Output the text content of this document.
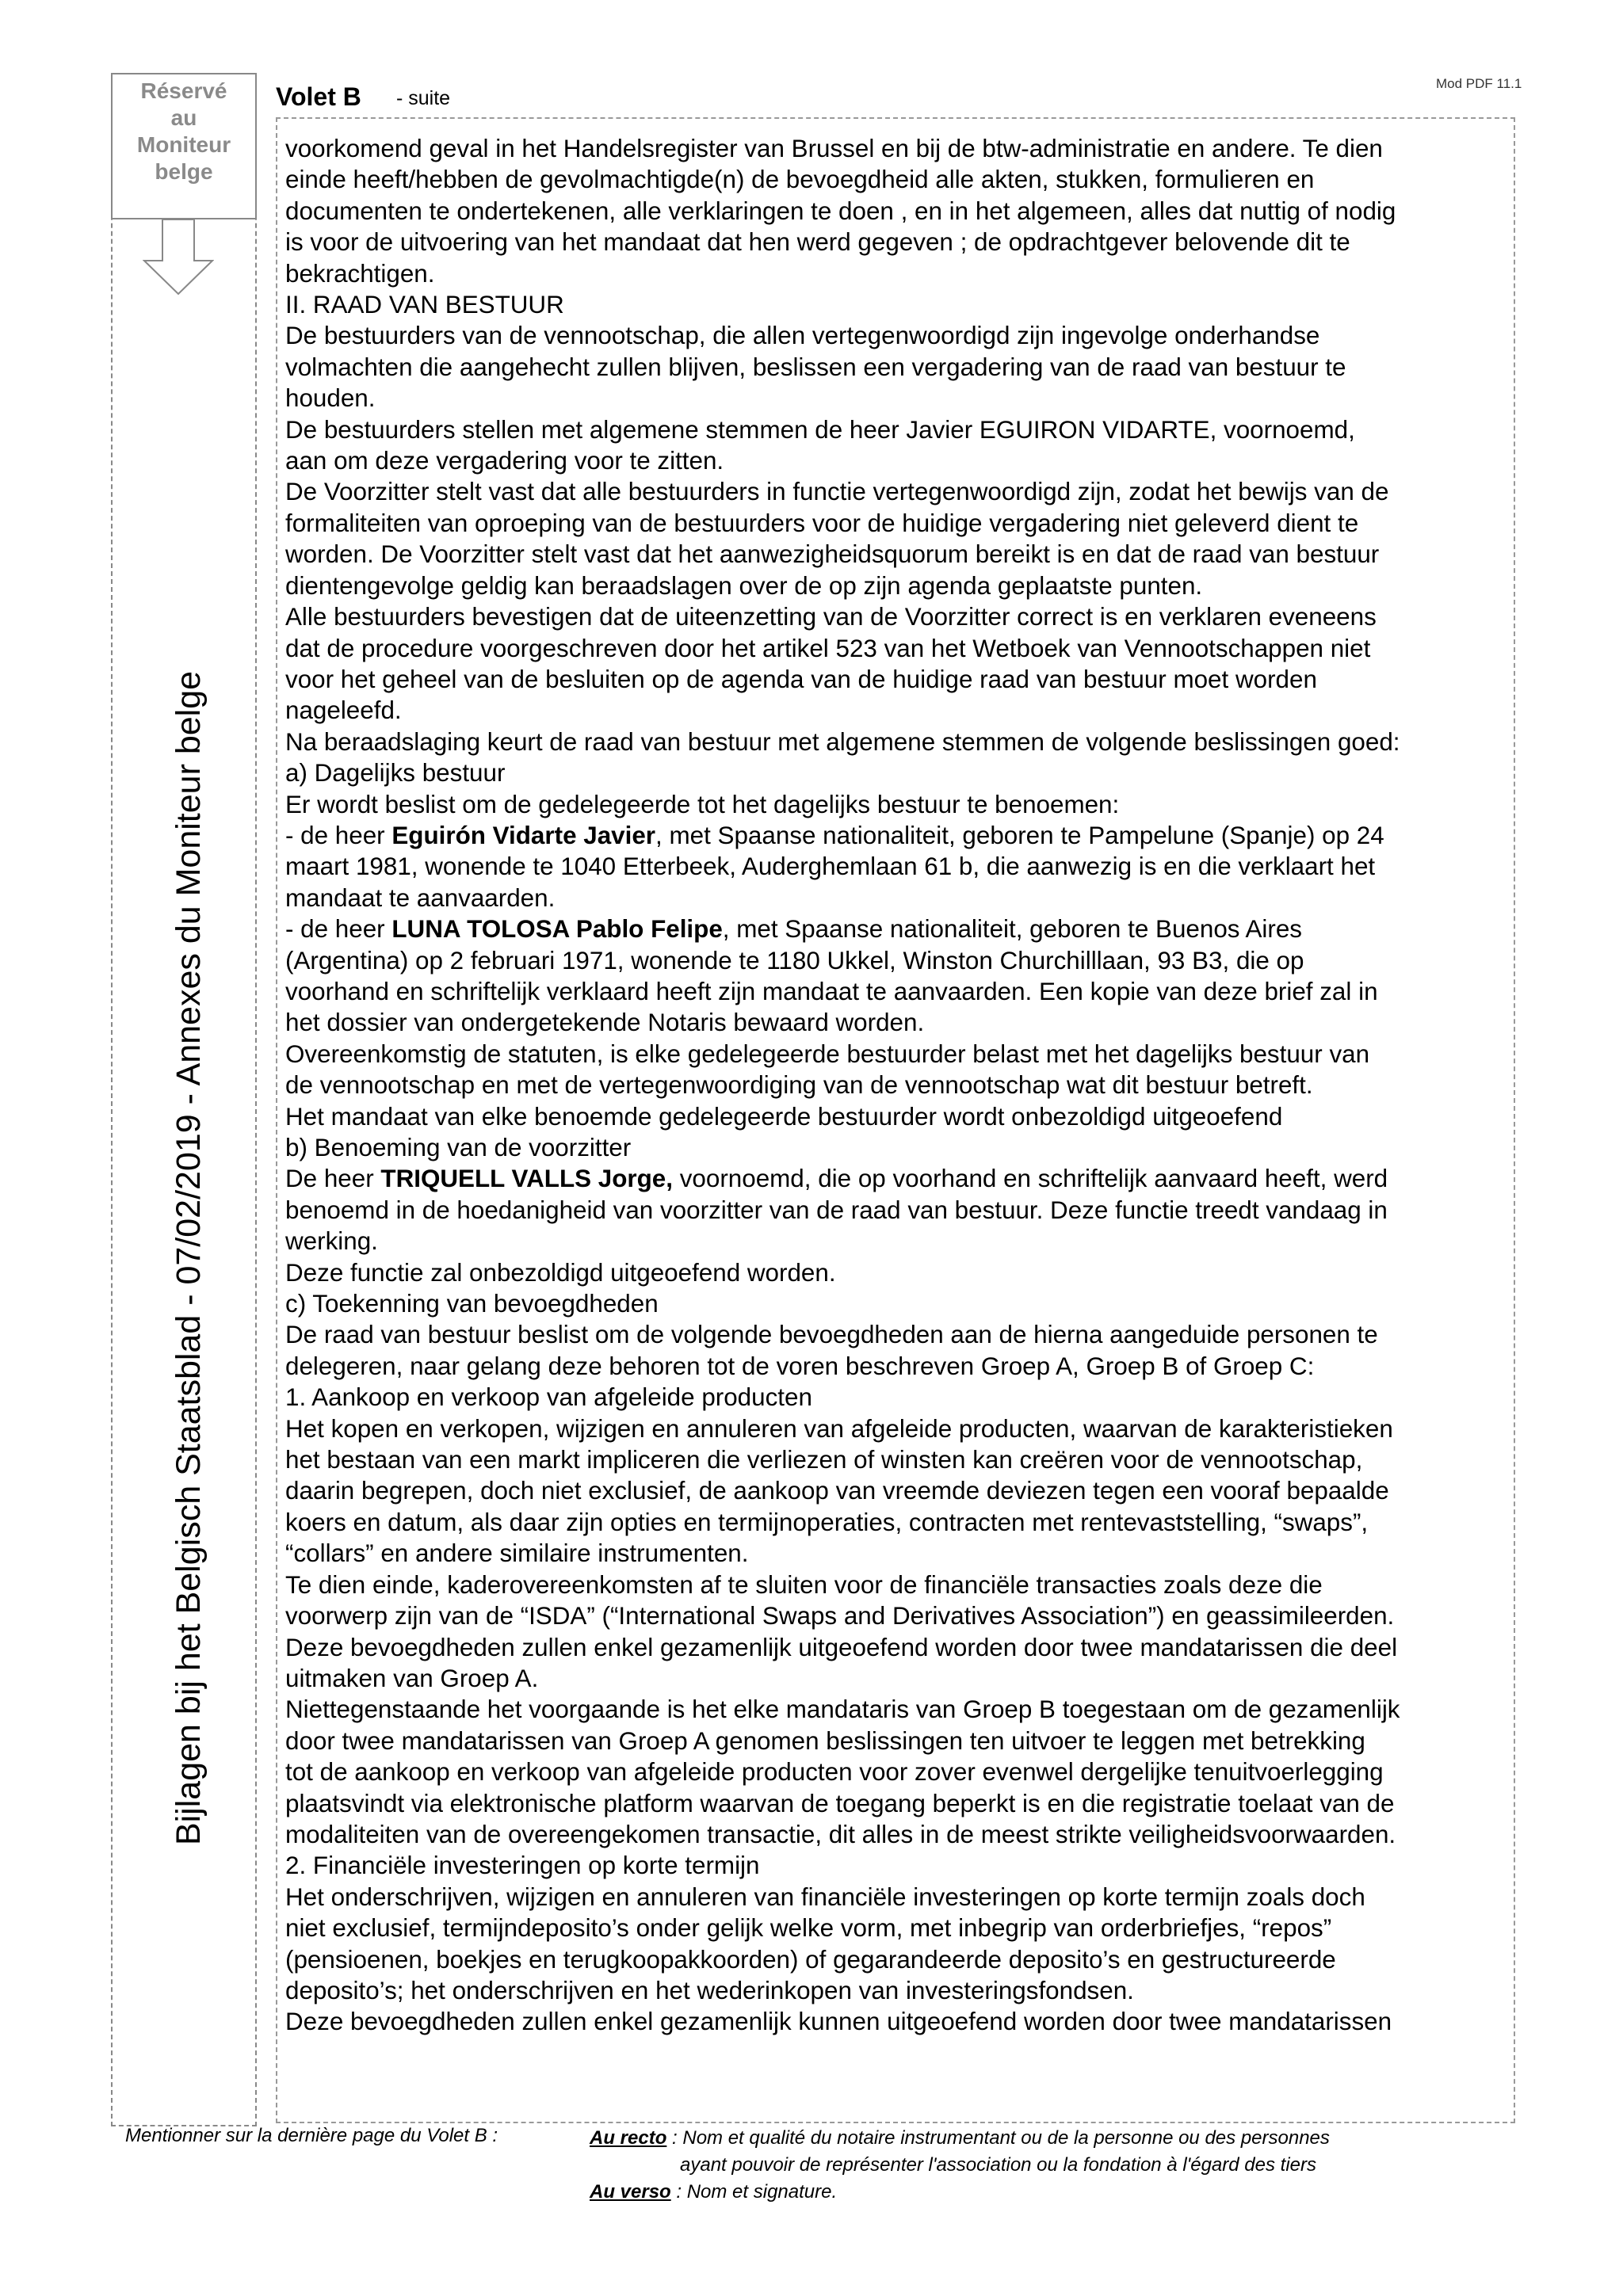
Réservé
au
Moniteur
belge
Bijlagen bij het Belgisch Staatsblad - 07/02/2019 - Annexes du Moniteur belge
Volet B - suite
Mod PDF 11.1

voorkomend geval in het Handelsregister van Brussel en bij de btw-administratie en andere. Te dien

einde heeft/hebben de gevolmachtigde(n) de bevoegdheid alle akten, stukken, formulieren en

documenten te ondertekenen, alle verklaringen te doen , en in het algemeen, alles dat nuttig of nodig

is voor de uitvoering van het mandaat dat hen werd gegeven ; de opdrachtgever belovende dit te

bekrachtigen.

II. RAAD VAN BESTUUR

De bestuurders van de vennootschap, die allen vertegenwoordigd zijn ingevolge onderhandse

volmachten die aangehecht zullen blijven, beslissen een vergadering van de raad van bestuur te

houden.

De bestuurders stellen met algemene stemmen de heer Javier EGUIRON VIDARTE, voornoemd,

aan om deze vergadering voor te zitten.

De Voorzitter stelt vast dat alle bestuurders in functie vertegenwoordigd zijn, zodat het bewijs van de

formaliteiten van oproeping van de bestuurders voor de huidige vergadering niet geleverd dient te

worden. De Voorzitter stelt vast dat het aanwezigheidsquorum bereikt is en dat de raad van bestuur

dientengevolge geldig kan beraadslagen over de op zijn agenda geplaatste punten.

Alle bestuurders bevestigen dat de uiteenzetting van de Voorzitter correct is en verklaren eveneens

dat de procedure voorgeschreven door het artikel 523 van het Wetboek van Vennootschappen niet

voor het geheel van de besluiten op de agenda van de huidige raad van bestuur moet worden

nageleefd.

Na beraadslaging keurt de raad van bestuur met algemene stemmen de volgende beslissingen goed:

a) Dagelijks bestuur

Er wordt beslist om de gedelegeerde tot het dagelijks bestuur te benoemen:

- de heer Eguirón Vidarte Javier, met Spaanse nationaliteit, geboren te Pampelune (Spanje) op 24

maart 1981, wonende te 1040 Etterbeek, Auderghemlaan 61 b, die aanwezig is en die verklaart het

mandaat te aanvaarden.

- de heer LUNA TOLOSA Pablo Felipe, met Spaanse nationaliteit, geboren te Buenos Aires

(Argentina) op 2 februari 1971, wonende te 1180 Ukkel, Winston Churchilllaan, 93 B3, die op

voorhand en schriftelijk verklaard heeft zijn mandaat te aanvaarden. Een kopie van deze brief zal in

het dossier van ondergetekende Notaris bewaard worden.

Overeenkomstig de statuten, is elke gedelegeerde bestuurder belast met het dagelijks bestuur van

de vennootschap en met de vertegenwoordiging van de vennootschap wat dit bestuur betreft.

Het mandaat van elke benoemde gedelegeerde bestuurder wordt onbezoldigd uitgeoefend

b) Benoeming van de voorzitter

De heer TRIQUELL VALLS Jorge, voornoemd, die op voorhand en schriftelijk aanvaard heeft, werd

benoemd in de hoedanigheid van voorzitter van de raad van bestuur. Deze functie treedt vandaag in

werking.

Deze functie zal onbezoldigd uitgeoefend worden.

c) Toekenning van bevoegdheden

De raad van bestuur beslist om de volgende bevoegdheden aan de hierna aangeduide personen te

delegeren, naar gelang deze behoren tot de voren beschreven Groep A, Groep B of Groep C:

1. Aankoop en verkoop van afgeleide producten

Het kopen en verkopen, wijzigen en annuleren van afgeleide producten, waarvan de karakteristieken

het bestaan van een markt impliceren die verliezen of winsten kan creëren voor de vennootschap,

daarin begrepen, doch niet exclusief, de aankoop van vreemde deviezen tegen een vooraf bepaalde

koers en datum, als daar zijn opties en termijnoperaties, contracten met rentevaststelling, “swaps”,

“collars” en andere similaire instrumenten.

Te dien einde, kaderovereenkomsten af te sluiten voor de financiële transacties zoals deze die

voorwerp zijn van de “ISDA” (“International Swaps and Derivatives Association”) en geassimileerden.

Deze bevoegdheden zullen enkel gezamenlijk uitgeoefend worden door twee mandatarissen die deel

uitmaken van Groep A.

Niettegenstaande het voorgaande is het elke mandataris van Groep B toegestaan om de gezamenlijk

door twee mandatarissen van Groep A genomen beslissingen ten uitvoer te leggen met betrekking

tot de aankoop en verkoop van afgeleide producten voor zover evenwel dergelijke tenuitvoerlegging

plaatsvindt via elektronische platform waarvan de toegang beperkt is en die registratie toelaat van de

modaliteiten van de overeengekomen transactie, dit alles in de meest strikte veiligheidsvoorwaarden.

2. Financiële investeringen op korte termijn

Het onderschrijven, wijzigen en annuleren van financiële investeringen op korte termijn zoals doch

niet exclusief, termijndeposito’s onder gelijk welke vorm, met inbegrip van orderbriefjes, “repos”

(pensioenen, boekjes en terugkoopakkoorden) of gegarandeerde deposito’s en gestructureerde

deposito’s; het onderschrijven en het wederinkopen van investeringsfondsen.

Deze bevoegdheden zullen enkel gezamenlijk kunnen uitgeoefend worden door twee mandatarissen

Mentionner sur la dernière page du Volet B :	Au recto : Nom et qualité du notaire instrumentant ou de la personne ou des personnes
ayant pouvoir de représenter l'association ou la fondation à l'égard des tiers
Au verso : Nom et signature.
